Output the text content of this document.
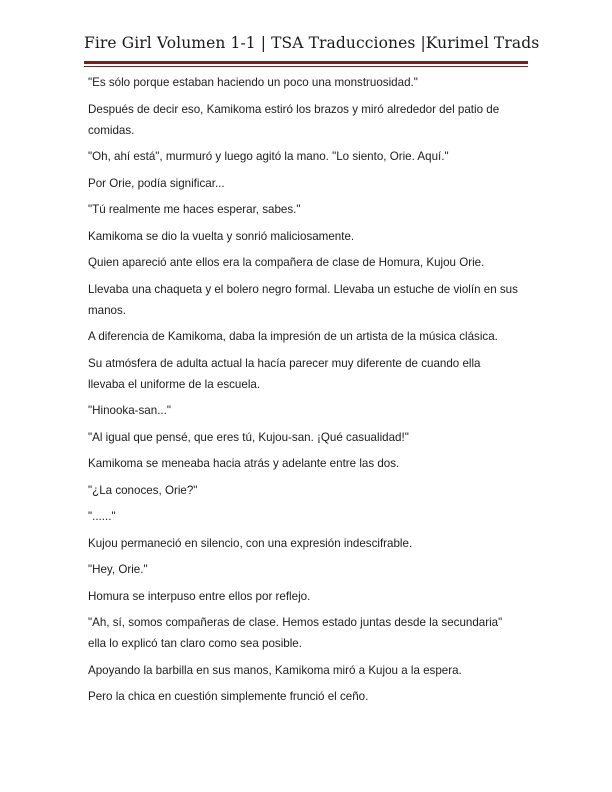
Fire Girl Volumen 1-1 | TSA Traducciones |Kurimel Trads

"Es sólo porque estaban haciendo un poco una monstruosidad."

Después de decir eso, Kamikoma estiró los brazos y miró alrededor del patio de comidas.

"Oh, ahí está", murmuró y luego agitó la mano. "Lo siento, Orie. Aquí."

Por Orie, podía significar...

"Tú realmente me haces esperar, sabes."

Kamikoma se dio la vuelta y sonrió maliciosamente.

Quien apareció ante ellos era la compañera de clase de Homura, Kujou Orie.

Llevaba una chaqueta y el bolero negro formal. Llevaba un estuche de violín en sus manos.

A diferencia de Kamikoma, daba la impresión de un artista de la música clásica.

Su atmósfera de adulta actual la hacía parecer muy diferente de cuando ella llevaba el uniforme de la escuela.

"Hinooka-san..."

"Al igual que pensé, que eres tú, Kujou-san. ¡Qué casualidad!"

Kamikoma se meneaba hacia atrás y adelante entre las dos.

"¿La conoces, Orie?"

"......"

Kujou permaneció en silencio, con una expresión indescifrable.

"Hey, Orie."

Homura se interpuso entre ellos por reflejo.

"Ah, sí, somos compañeras de clase. Hemos estado juntas desde la secundaria" ella lo explicó tan claro como sea posible.

Apoyando la barbilla en sus manos, Kamikoma miró a Kujou a la espera.

Pero la chica en cuestión simplemente frunció el ceño.
